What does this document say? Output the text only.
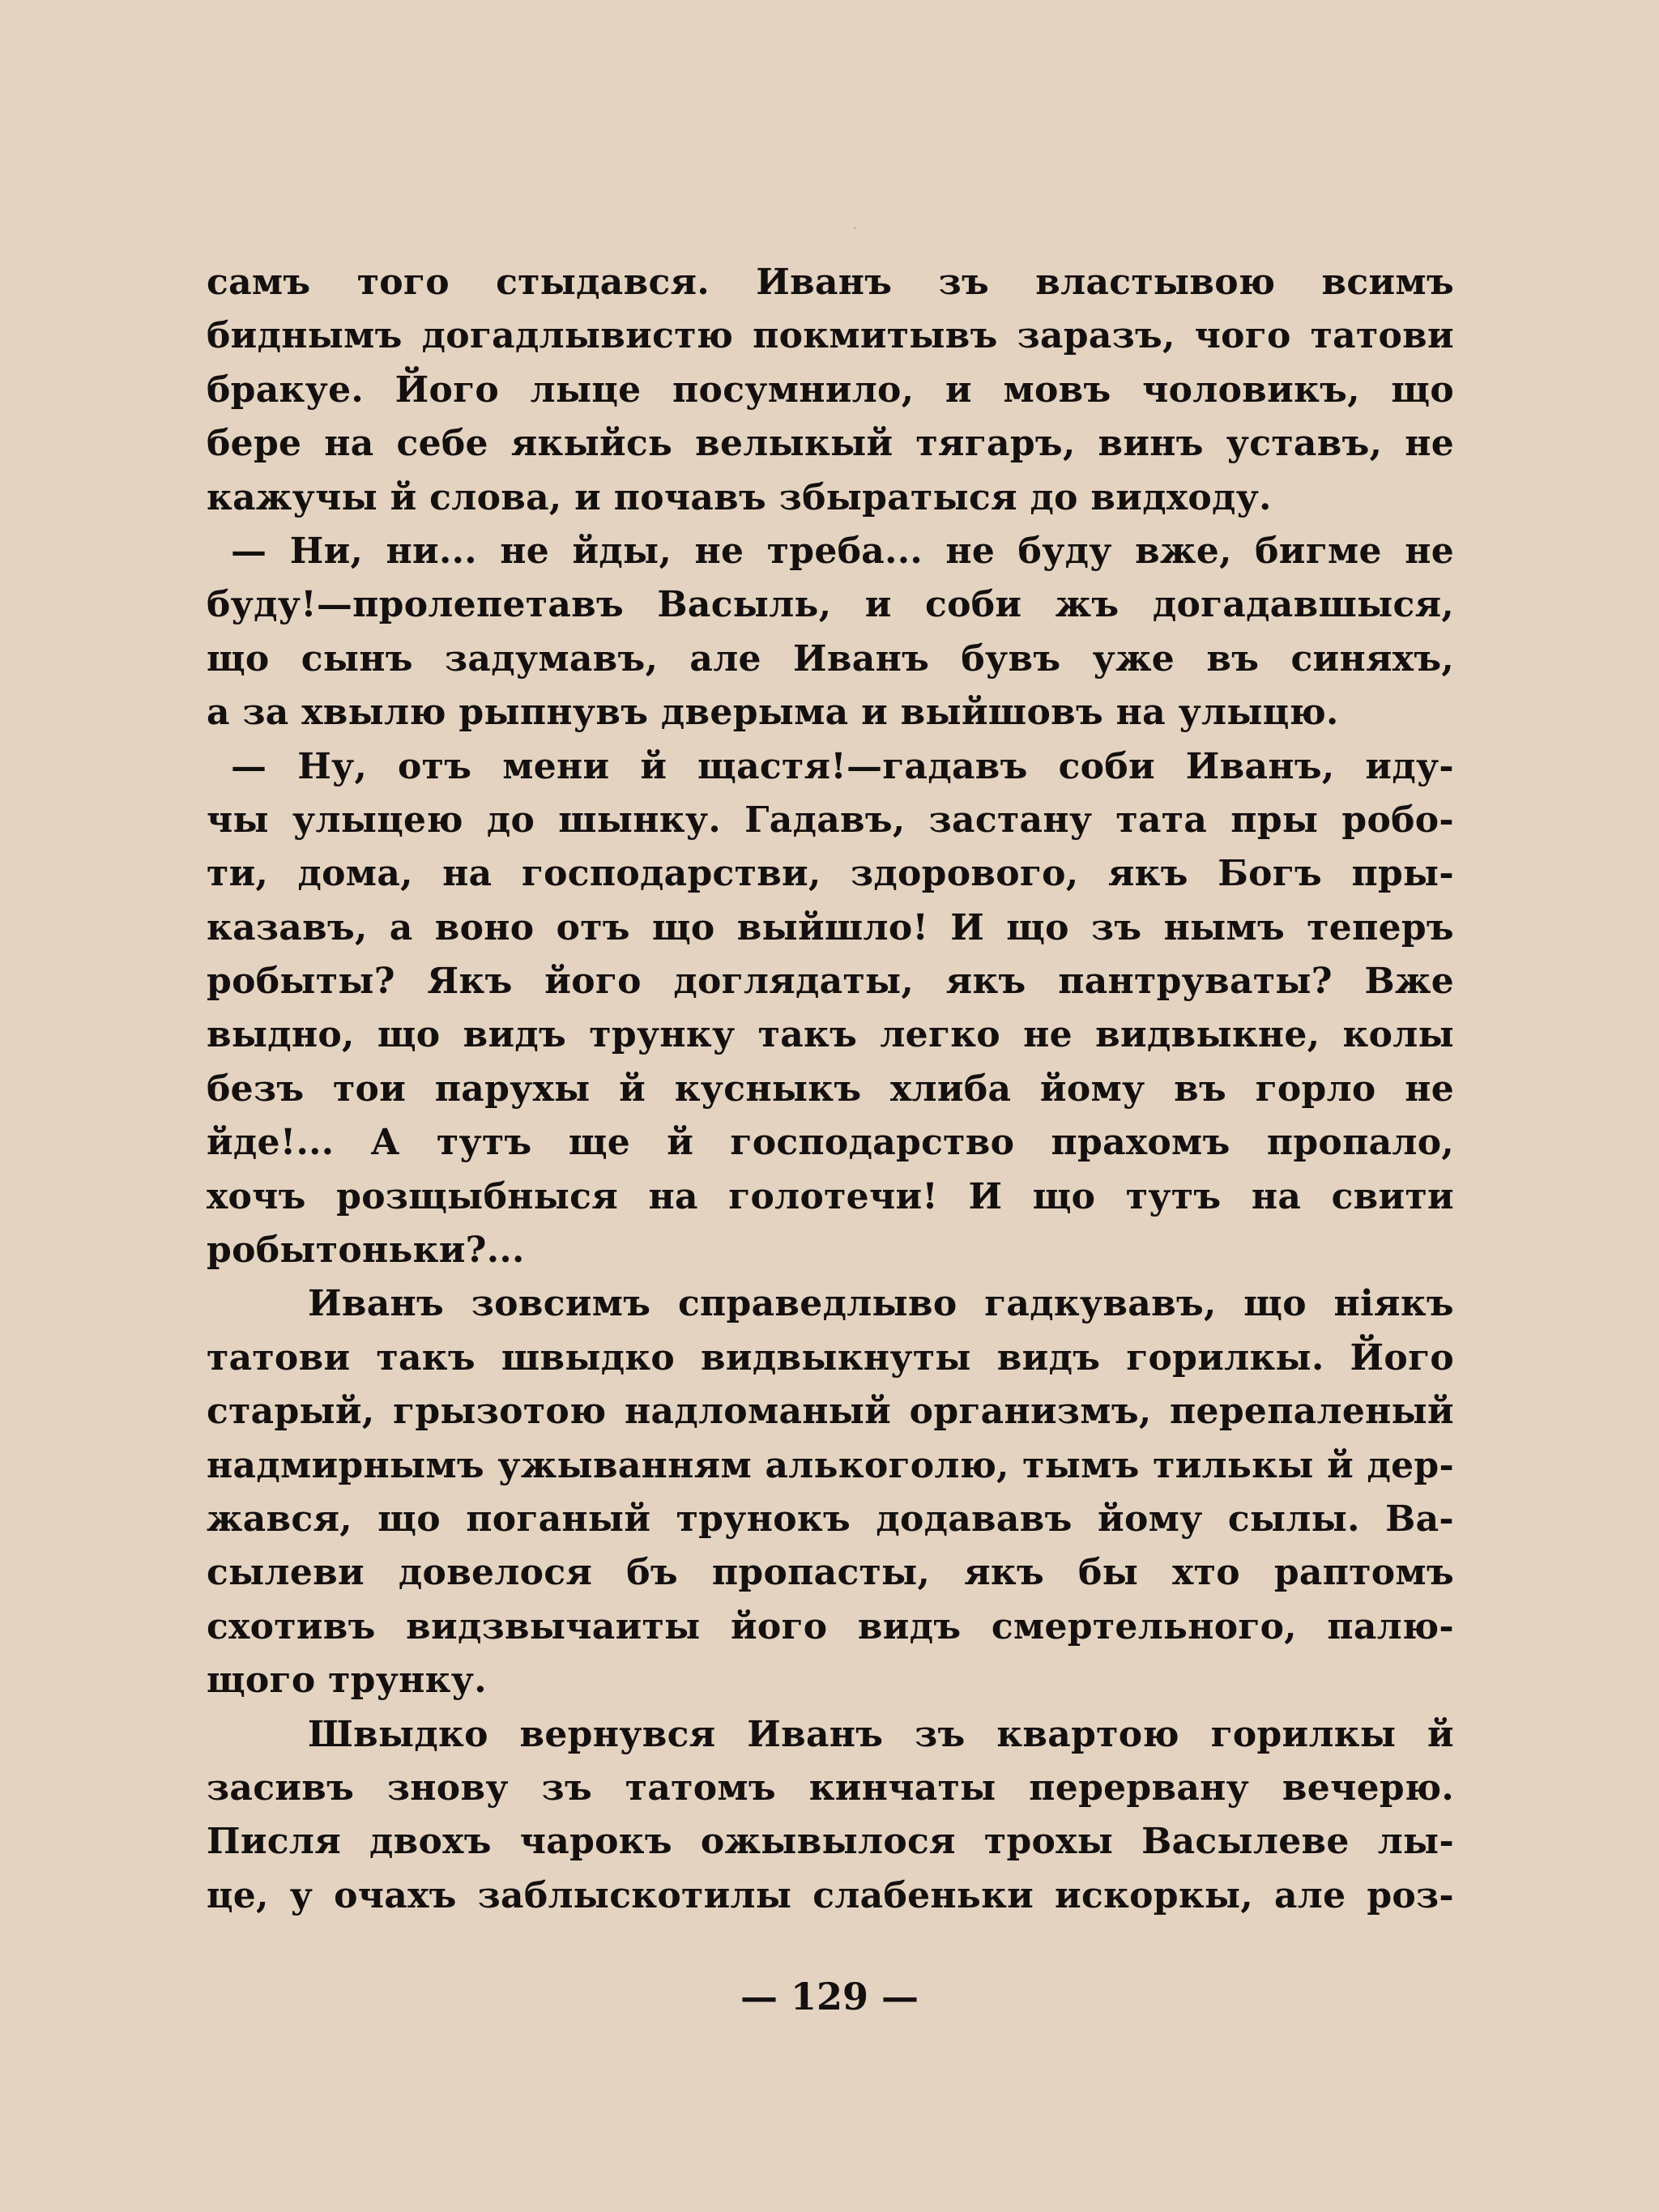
самъ того стыдався. Иванъ зъ властывою всимъ
биднымъ догадлывистю покмитывъ заразъ, чого татови
бракуе. Його лыце посумнило, и мовъ чоловикъ, що
бере на себе якыйсь велыкый тягаръ, винъ уставъ, не
кажучы й слова, и почавъ збыратыся до видходу.
— Ни, ни... не йды, не треба... не буду вже, бигме не
буду!—пролепетавъ Васыль, и соби жъ догадавшыся,
що сынъ задумавъ, але Иванъ бувъ уже въ синяхъ,
а за хвылю рыпнувъ дверыма и выйшовъ на улыцю.
— Ну, отъ мени й щастя!—гадавъ соби Иванъ, иду-
чы улыцею до шынку. Гадавъ, застану тата пры робо-
ти, дома, на господарстви, здорового, якъ Богъ пры-
казавъ, а воно отъ що выйшло! И що зъ нымъ теперъ
робыты? Якъ його доглядаты, якъ пантруваты? Вже
выдно, що видъ трунку такъ легко не видвыкне, колы
безъ тои парухы й кусныкъ хлиба йому въ горло не
йде!... А тутъ ще й господарство прахомъ пропало,
хочъ розщыбныся на голотечи! И що тутъ на свити
робытоньки?...
Иванъ зовсимъ справедлыво гадкувавъ, що ніякъ
татови такъ швыдко видвыкнуты видъ горилкы. Його
старый, грызотою надломаный организмъ, перепаленый
надмирнымъ ужыванням алькоголю, тымъ тилькы й дер-
жався, що поганый трунокъ додававъ йому сылы. Ва-
сылеви довелося бъ пропасты, якъ бы хто раптомъ
схотивъ видзвычаиты його видъ смертельного, палю-
щого трунку.
Швыдко вернувся Иванъ зъ квартою горилкы й
засивъ знову зъ татомъ кинчаты перервану вечерю.
Писля двохъ чарокъ ожывылося трохы Васылеве лы-
це, у очахъ заблыскотилы слабеньки искоркы, але роз-
— 129 —
